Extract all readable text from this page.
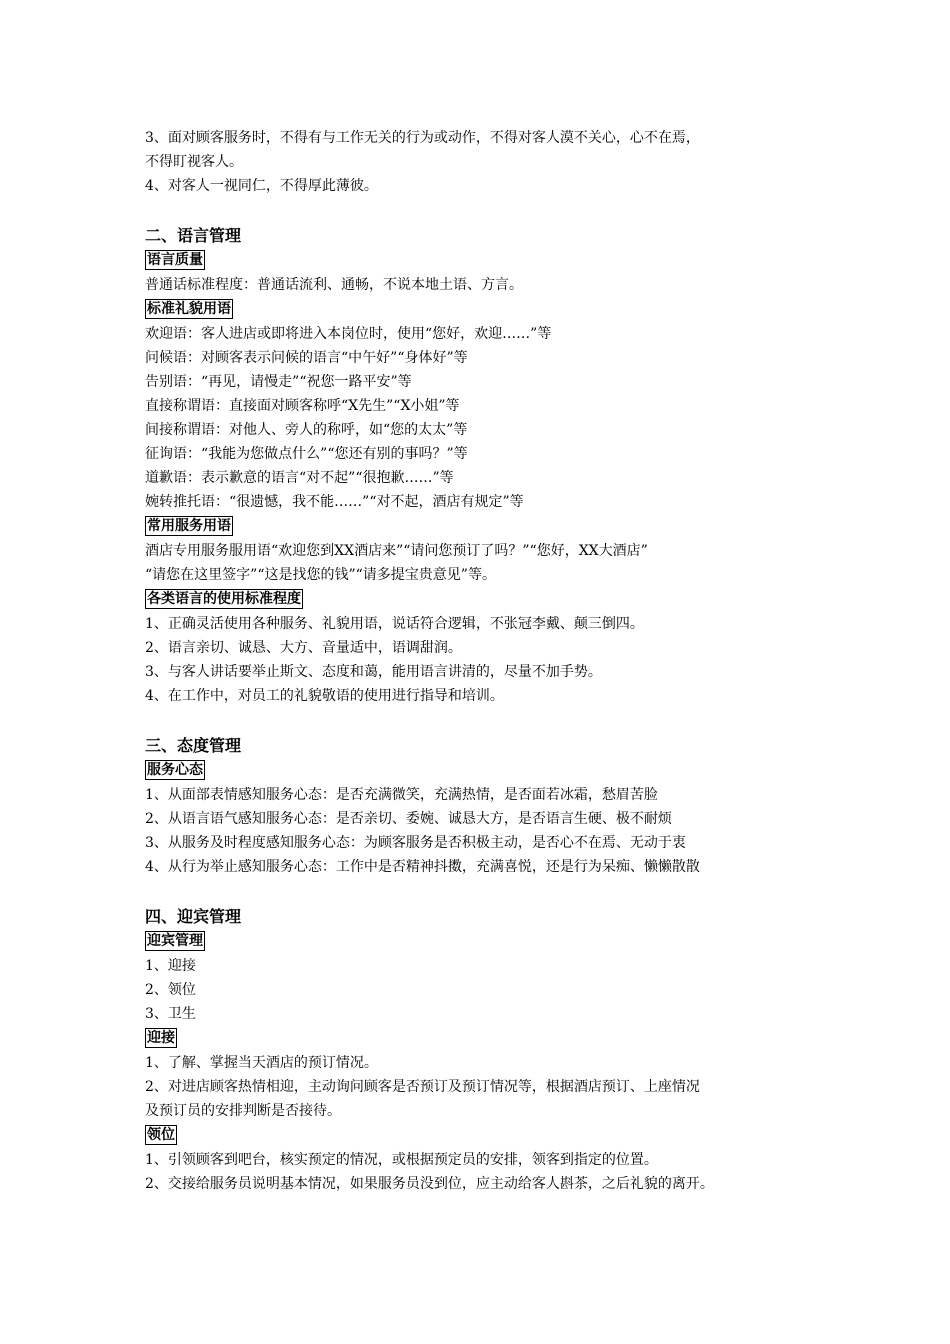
3、面对顾客服务时，不得有与工作无关的行为或动作，不得对客人漠不关心，心不在焉，

不得盯视客人。

4、对客人一视同仁，不得厚此薄彼。

二、语言管理

语言质量

普通话标准程度：普通话流利、通畅，不说本地土语、方言。

标准礼貌用语

欢迎语：客人进店或即将进入本岗位时，使用“您好，欢迎……”等

问候语：对顾客表示问候的语言“中午好”“身体好”等

告别语：“再见，请慢走”“祝您一路平安”等

直接称谓语：直接面对顾客称呼“X先生”“X小姐”等

间接称谓语：对他人、旁人的称呼，如“您的太太”等

征询语：“我能为您做点什么”“您还有别的事吗？”等

道歉语：表示歉意的语言“对不起”“很抱歉……”等

婉转推托语：“很遗憾，我不能……”“对不起，酒店有规定”等

常用服务用语

酒店专用服务服用语“欢迎您到XX酒店来”“请问您预订了吗？”“您好，XX大酒店”

“请您在这里签字”“这是找您的钱”“请多提宝贵意见”等。

各类语言的使用标准程度

1、正确灵活使用各种服务、礼貌用语，说话符合逻辑，不张冠李戴、颠三倒四。

2、语言亲切、诚恳、大方、音量适中，语调甜润。

3、与客人讲话要举止斯文、态度和蔼，能用语言讲清的，尽量不加手势。

4、在工作中，对员工的礼貌敬语的使用进行指导和培训。

三、态度管理

服务心态

1、从面部表情感知服务心态：是否充满微笑，充满热情，是否面若冰霜，愁眉苦脸

2、从语言语气感知服务心态：是否亲切、委婉、诚恳大方，是否语言生硬、极不耐烦

3、从服务及时程度感知服务心态：为顾客服务是否积极主动，是否心不在焉、无动于衷

4、从行为举止感知服务心态：工作中是否精神抖擞，充满喜悦，还是行为呆痴、懒懒散散

四、迎宾管理

迎宾管理

1、迎接

2、领位

3、卫生

迎接

1、了解、掌握当天酒店的预订情况。

2、对进店顾客热情相迎，主动询问顾客是否预订及预订情况等，根据酒店预订、上座情况

及预订员的安排判断是否接待。

领位

1、引领顾客到吧台，核实预定的情况，或根据预定员的安排，领客到指定的位置。

2、交接给服务员说明基本情况，如果服务员没到位，应主动给客人斟茶，之后礼貌的离开。
